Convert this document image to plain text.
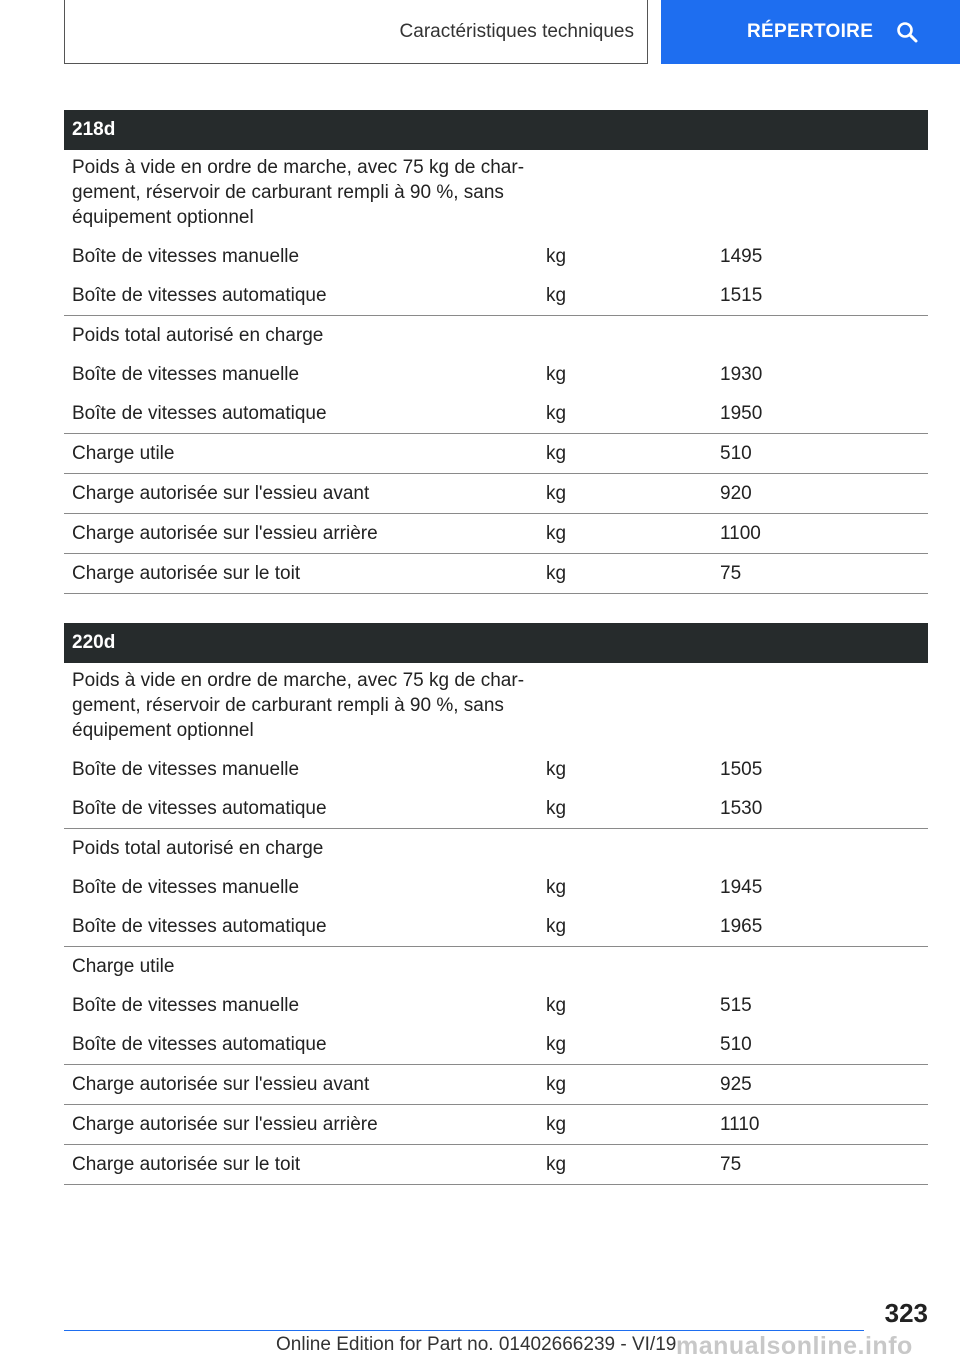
Caractéristiques techniques	RÉPERTOIRE
218d
Poids à vide en ordre de marche, avec 75 kg de char-
gement, réservoir de carburant rempli à 90 %, sans
équipement optionnel
Boîte de vitesses manuelle	kg	1495
Boîte de vitesses automatique	kg	1515
Poids total autorisé en charge
Boîte de vitesses manuelle	kg	1930
Boîte de vitesses automatique	kg	1950
Charge utile	kg	510
Charge autorisée sur l'essieu avant	kg	920
Charge autorisée sur l'essieu arrière	kg	1100
Charge autorisée sur le toit	kg	75
220d
Poids à vide en ordre de marche, avec 75 kg de char-
gement, réservoir de carburant rempli à 90 %, sans
équipement optionnel
Boîte de vitesses manuelle	kg	1505
Boîte de vitesses automatique	kg	1530
Poids total autorisé en charge
Boîte de vitesses manuelle	kg	1945
Boîte de vitesses automatique	kg	1965
Charge utile
Boîte de vitesses manuelle	kg	515
Boîte de vitesses automatique	kg	510
Charge autorisée sur l'essieu avant	kg	925
Charge autorisée sur l'essieu arrière	kg	1110
Charge autorisée sur le toit	kg	75
323
Online Edition for Part no. 01402666239 - VI/19 manualsonline.info
